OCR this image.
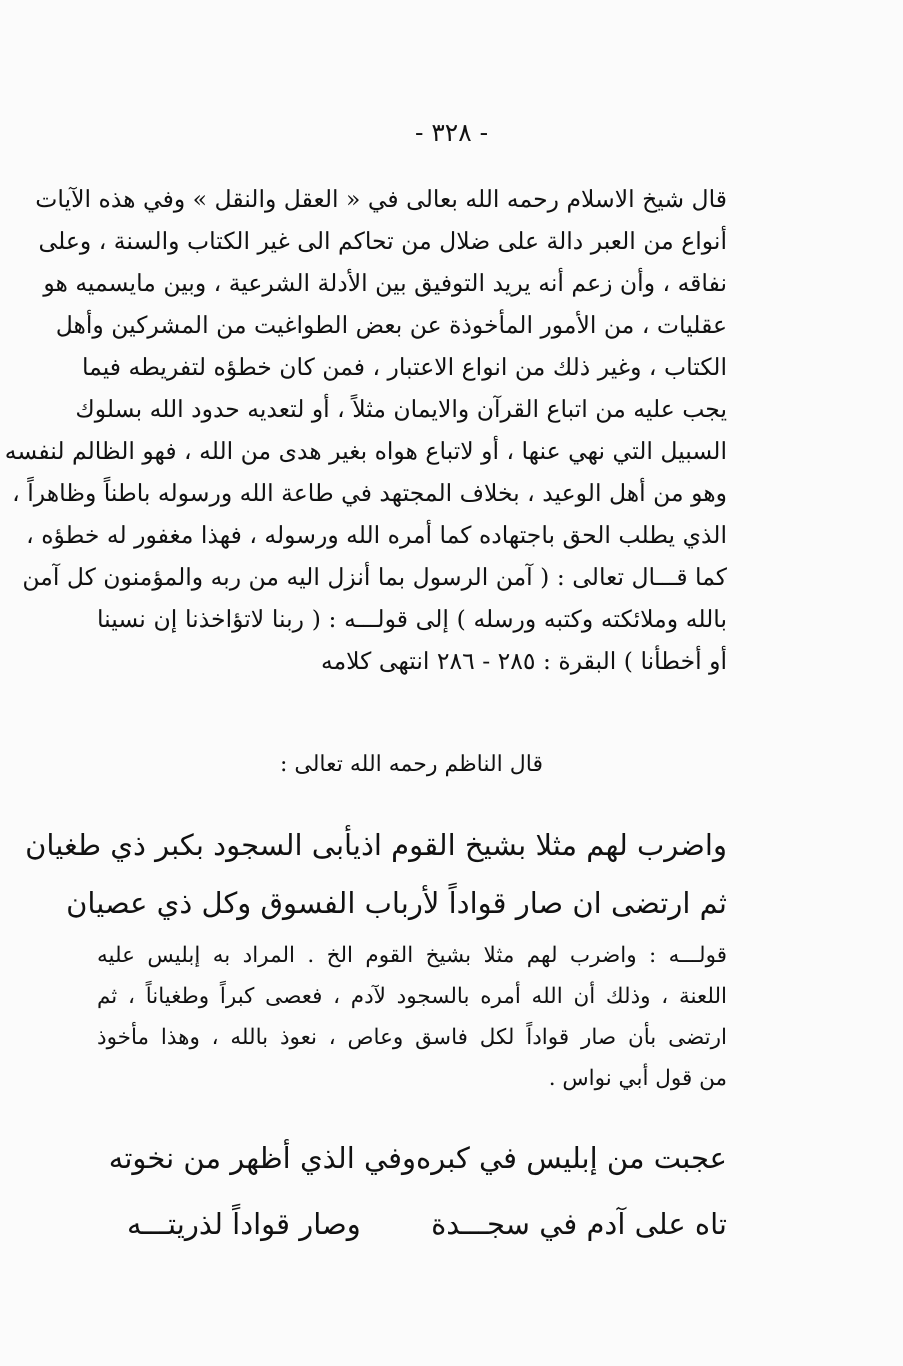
- ٣٢٨ -
قال شيخ الاسلام رحمه الله بعالى في « العقل والنقل » وفي هذه الآيات
أنواع من العبر دالة على ضلال من تحاكم الى غير الكتاب والسنة ، وعلى
نفاقه ، وأن زعم أنه يريد التوفيق بين الأدلة الشرعية ، وبين مايسميه هو
عقليات ، من الأمور المأخوذة عن بعض الطواغيت من المشركين وأهل
الكتاب ، وغير ذلك من انواع الاعتبار ، فمن كان خطؤه لتفريطه فيما
يجب عليه من اتباع القرآن والايمان مثلاً ، أو لتعديه حدود الله بسلوك
السبيل التي نهي عنها ، أو لاتباع هواه بغير هدى من الله ، فهو الظالم لنفسه
وهو من أهل الوعيد ، بخلاف المجتهد في طاعة الله ورسوله باطناً وظاهراً ،
الذي يطلب الحق باجتهاده كما أمره الله ورسوله ، فهذا مغفور له خطؤه ،
كما قـــال تعالى : ( آمن الرسول بما أنزل اليه من ربه والمؤمنون كل آمن
بالله وملائكته وكتبه ورسله ) إلى قولـــه : ( ربنا لاتؤاخذنا إن نسينا
أو أخطأنا ) البقرة : ٢٨٥ - ٢٨٦ انتهى كلامه
قال الناظم رحمه الله تعالى :
واضرب لهم مثلا بشيخ القوم اذ
يأبى السجود بكبر ذي طغيان
ثم ارتضى ان صار قواداً لأر
باب الفسوق وكل ذي عصيان
قولـــه : واضرب لهم مثلا بشيخ القوم الخ . المراد به إبليس عليه
اللعنة ، وذلك أن الله أمره بالسجود لآدم ، فعصى كبراً وطغياناً ، ثم
ارتضى بأن صار قواداً لكل فاسق وعاص ، نعوذ بالله ، وهذا مأخوذ
من قول أبي نواس .
عجبت من إبليس في كبره
وفي الذي أظهر من نخوته
تاه على آدم في سجـــدة
وصار قواداً لذريتـــه
